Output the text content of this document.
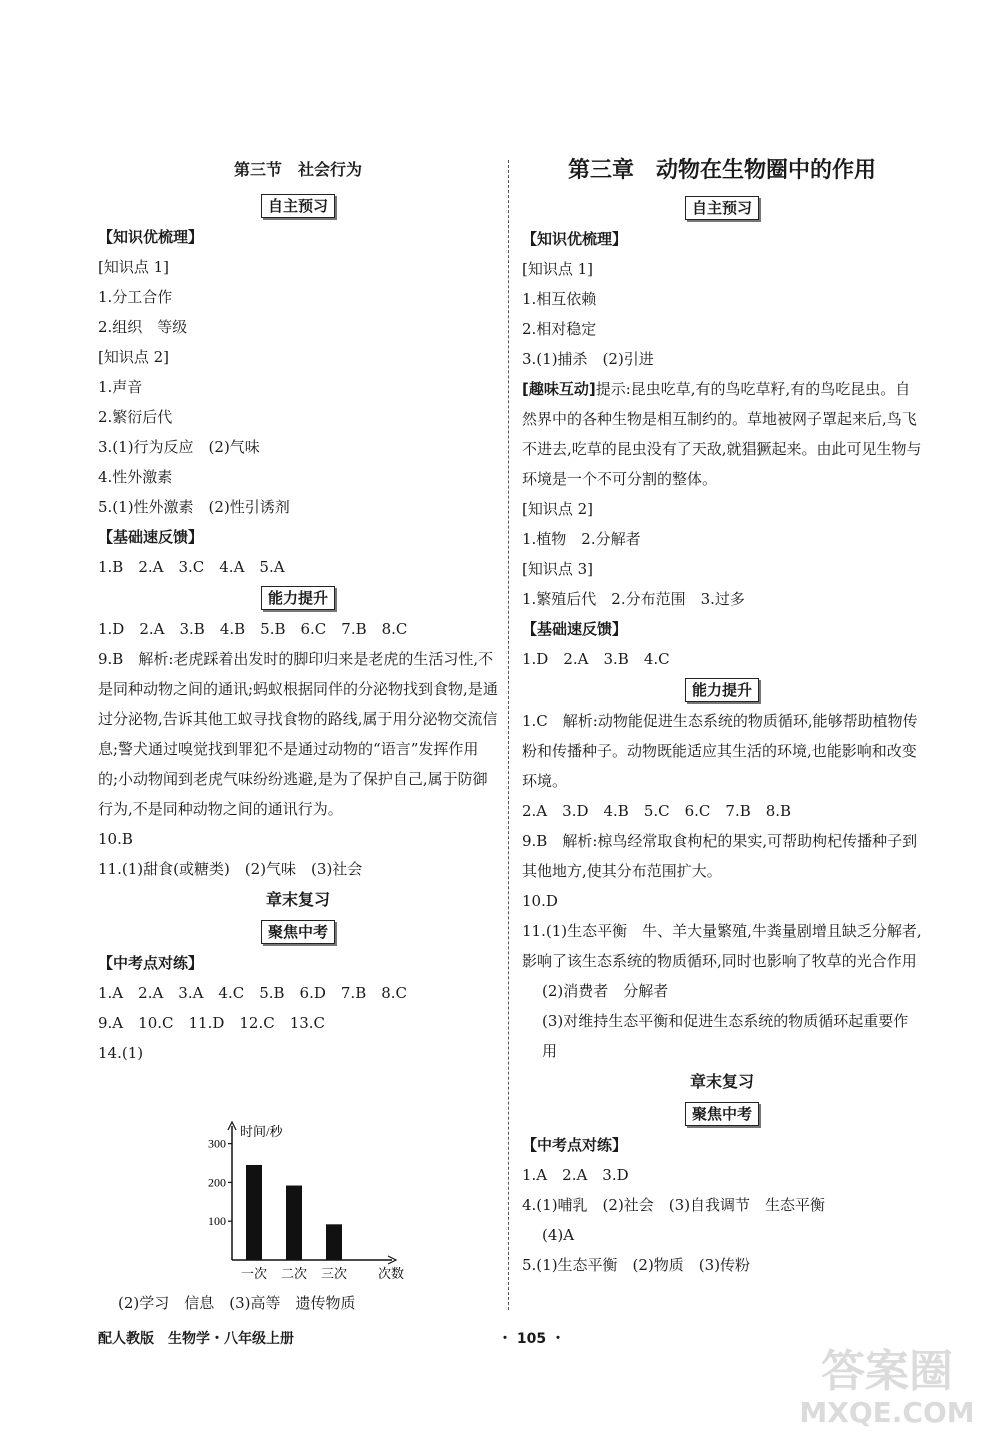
第三节　社会行为
自主预习
【知识优梳理】
[知识点 1]
1.分工合作
2.组织　等级
[知识点 2]
1.声音
2.繁衍后代
3.(1)行为反应　(2)气味
4.性外激素
5.(1)性外激素　(2)性引诱剂
【基础速反馈】
1.B　2.A　3.C　4.A　5.A
能力提升
1.D　2.A　3.B　4.B　5.B　6.C　7.B　8.C
9.B　解析:老虎踩着出发时的脚印归来是老虎的生活习性,不是同种动物之间的通讯;蚂蚁根据同伴的分泌物找到食物,是通过分泌物,告诉其他工蚁寻找食物的路线,属于用分泌物交流信息;警犬通过嗅觉找到罪犯不是通过动物的“语言”发挥作用的;小动物闻到老虎气味纷纷逃避,是为了保护自己,属于防御行为,不是同种动物之间的通讯行为。
10.B
11.(1)甜食(或糖类)　(2)气味　(3)社会
章末复习
聚焦中考
【中考点对练】
1.A　2.A　3.A　4.C　5.B　6.D　7.B　8.C
9.A　10.C　11.D　12.C　13.C
14.(1)
时间/秒
次数
100
200
300
一次 二次 三次
(2)学习　信息　(3)高等　遗传物质
第三章　动物在生物圈中的作用
自主预习
【知识优梳理】
[知识点 1]
1.相互依赖
2.相对稳定
3.(1)捕杀　(2)引进
[趣味互动]提示:昆虫吃草,有的鸟吃草籽,有的鸟吃昆虫。自然界中的各种生物是相互制约的。草地被网子罩起来后,鸟飞不进去,吃草的昆虫没有了天敌,就猖獗起来。由此可见生物与环境是一个不可分割的整体。
[知识点 2]
1.植物　2.分解者
[知识点 3]
1.繁殖后代　2.分布范围　3.过多
【基础速反馈】
1.D　2.A　3.B　4.C
能力提升
1.C　解析:动物能促进生态系统的物质循环,能够帮助植物传粉和传播种子。动物既能适应其生活的环境,也能影响和改变环境。
2.A　3.D　4.B　5.C　6.C　7.B　8.B
9.B　解析:椋鸟经常取食枸杞的果实,可帮助枸杞传播种子到其他地方,使其分布范围扩大。
10.D
11.(1)生态平衡　牛、羊大量繁殖,牛粪量剧增且缺乏分解者,影响了该生态系统的物质循环,同时也影响了牧草的光合作用
(2)消费者　分解者
(3)对维持生态平衡和促进生态系统的物质循环起重要作用
章末复习
聚焦中考
【中考点对练】
1.A　2.A　3.D
4.(1)哺乳　(2)社会　(3)自我调节　生态平衡
(4)A
5.(1)生态平衡　(2)物质　(3)传粉
配人教版　生物学・八年级上册	・ 105 ・
答案圈
MXQE.COM
